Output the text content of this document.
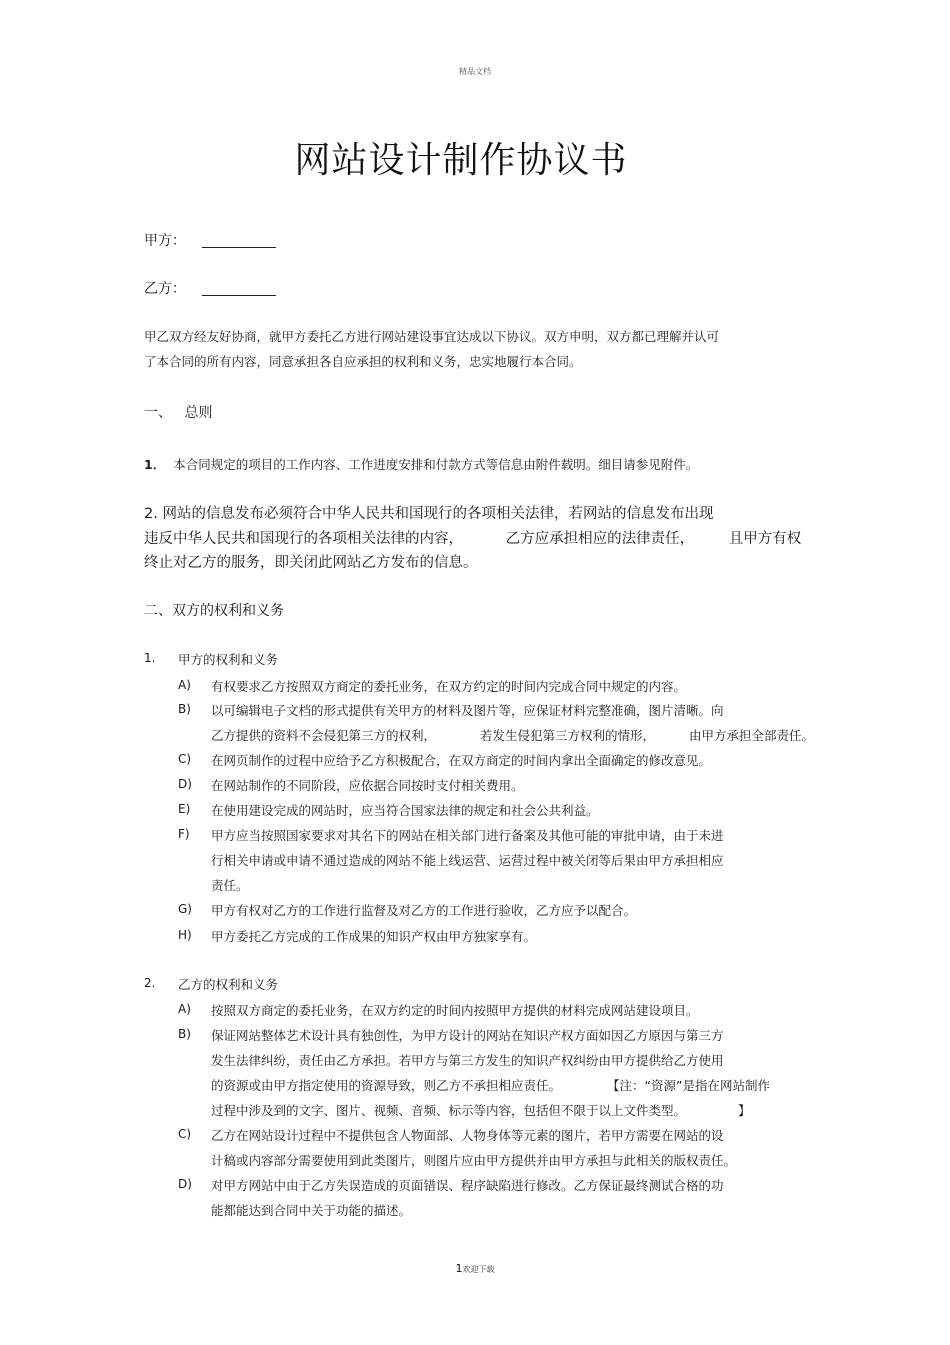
精品文档
网站设计制作协议书
甲方：
乙方：
甲乙双方经友好协商，就甲方委托乙方进行网站建设事宜达成以下协议。双方申明，双方都已理解并认可
了本合同的所有内容，同意承担各自应承担的权利和义务，忠实地履行本合同。
一、 总则
1． 本合同规定的项目的工作内容、工作进度安排和付款方式等信息由附件载明。细目请参见附件。
2. 网站的信息发布必须符合中华人民共和国现行的各项相关法律，若网站的信息发布出现
违反中华人民共和国现行的各项相关法律的内容，	乙方应承担相应的法律责任， 且甲方有权
终止对乙方的服务，即关闭此网站乙方发布的信息。
二、双方的权利和义务
1. 甲方的权利和义务
A) 有权要求乙方按照双方商定的委托业务，在双方约定的时间内完成合同中规定的内容。
B) 以可编辑电子文档的形式提供有关甲方的材料及图片等，应保证材料完整准确，图片清晰。向
乙方提供的资料不会侵犯第三方的权利，	若发生侵犯第三方权利的情形，	由甲方承担全部责任。
C) 在网页制作的过程中应给予乙方积极配合，在双方商定的时间内拿出全面确定的修改意见。
D) 在网站制作的不同阶段，应依据合同按时支付相关费用。
E) 在使用建设完成的网站时，应当符合国家法律的规定和社会公共利益。
F) 甲方应当按照国家要求对其名下的网站在相关部门进行备案及其他可能的审批申请，由于未进
行相关申请或申请不通过造成的网站不能上线运营、运营过程中被关闭等后果由甲方承担相应
责任。
G) 甲方有权对乙方的工作进行监督及对乙方的工作进行验收，乙方应予以配合。
H) 甲方委托乙方完成的工作成果的知识产权由甲方独家享有。
2. 乙方的权利和义务
A) 按照双方商定的委托业务，在双方约定的时间内按照甲方提供的材料完成网站建设项目。
B) 保证网站整体艺术设计具有独创性，为甲方设计的网站在知识产权方面如因乙方原因与第三方
发生法律纠纷，责任由乙方承担。若甲方与第三方发生的知识产权纠纷由甲方提供给乙方使用
的资源或由甲方指定使用的资源导致，则乙方不承担相应责任。	【注：“资源”是指在网站制作
过程中涉及到的文字、图片、视频、音频、标示等内容，包括但不限于以上文件类型。	】
C) 乙方在网站设计过程中不提供包含人物面部、人物身体等元素的图片，若甲方需要在网站的设
计稿或内容部分需要使用到此类图片，则图片应由甲方提供并由甲方承担与此相关的版权责任。
D) 对甲方网站中由于乙方失误造成的页面错误、程序缺陷进行修改。乙方保证最终测试合格的功
能都能达到合同中关于功能的描述。
1欢迎下载
